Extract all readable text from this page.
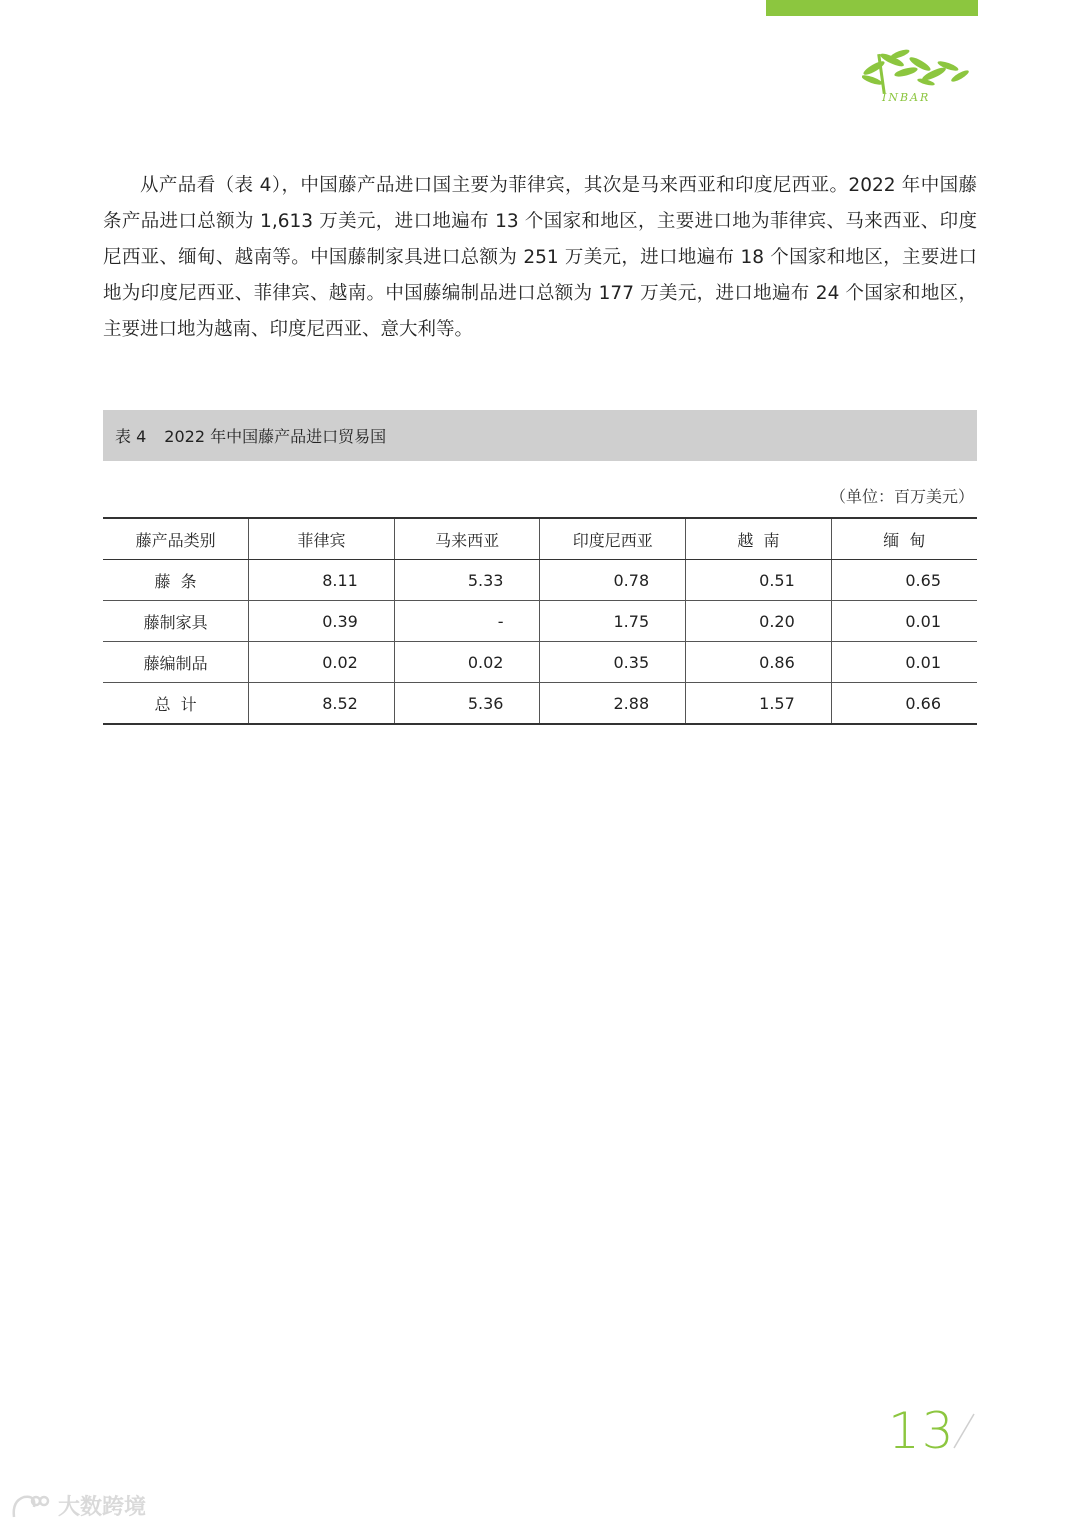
INBAR

从产品看（表 4），中国藤产品进口国主要为菲律宾，其次是马来西亚和印度尼西亚。2022 年中国藤条产品进口总额为 1,613 万美元，进口地遍布 13 个国家和地区，主要进口地为菲律宾、马来西亚、印度尼西亚、缅甸、越南等。中国藤制家具进口总额为 251 万美元，进口地遍布 18 个国家和地区，主要进口地为印度尼西亚、菲律宾、越南。中国藤编制品进口总额为 177 万美元，进口地遍布 24 个国家和地区，主要进口地为越南、印度尼西亚、意大利等。

表 4 2022 年中国藤产品进口贸易国
（单位：百万美元）
藤产品类别	菲律宾	马来西亚	印度尼西亚	越  南	缅  甸
藤  条	8.11	5.33	0.78	0.51	0.65
藤制家具	0.39	-	1.75	0.20	0.01
藤编制品	0.02	0.02	0.35	0.86	0.01
总  计	8.52	5.36	2.88	1.57	0.66
13
大数跨境
